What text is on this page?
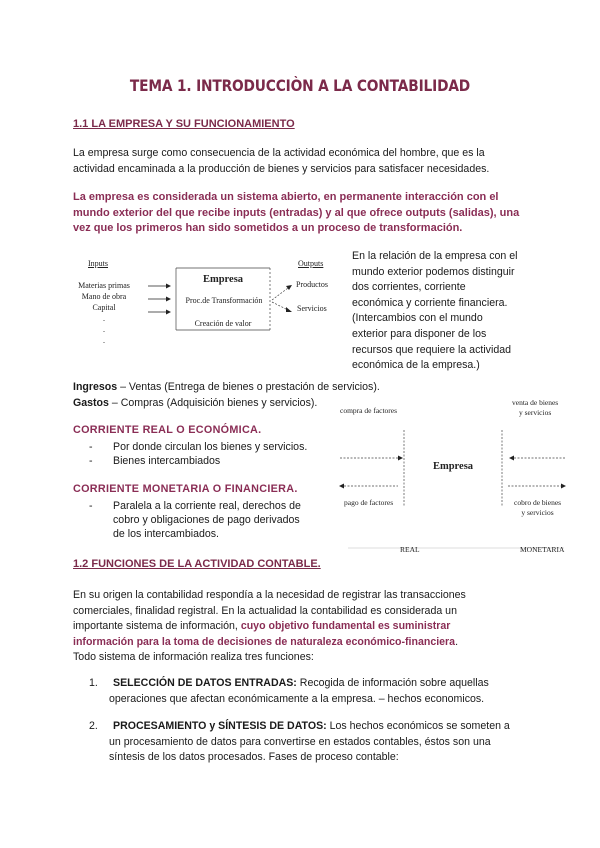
TEMA 1. INTRODUCCIÒN A LA CONTABILIDAD
1.1 LA EMPRESA Y SU FUNCIONAMIENTO
La empresa surge como consecuencia de la actividad económica del hombre, que es la
actividad encaminada a la producción de bienes y servicios para satisfacer necesidades.
La empresa es considerada un sistema abierto, en permanente interacción con el
mundo exterior del que recibe inputs (entradas) y al que ofrece outputs (salidas), una
vez que los primeros han sido sometidos a un proceso de transformación.
Inputs	Outputs
Materias primas
Mano de obra
Capital
.
.
.
Empresa
Proc.de Transformación
Creación de valor
Productos
Servicios
En la relación de la empresa con el
mundo exterior podemos distinguir
dos corrientes, corriente
económica y corriente financiera.
(Intercambios con el mundo
exterior para disponer de los
recursos que requiere la actividad
económica de la empresa.)
Ingresos – Ventas (Entrega de bienes o prestación de servicios).
Gastos – Compras (Adquisición bienes y servicios).
CORRIENTE REAL O ECONÓMICA.
- Por donde circulan los bienes y servicios.
- Bienes intercambiados
CORRIENTE MONETARIA O FINANCIERA.
- Paralela a la corriente real, derechos de
cobro y obligaciones de pago derivados
de los intercambiados.
compra de factores
venta de bienes
y servicios
Empresa
pago de factores	cobro de bienes
y servicios
REAL	MONETARIA
1.2 FUNCIONES DE LA ACTIVIDAD CONTABLE.
En su origen la contabilidad respondía a la necesidad de registrar las transacciones
comerciales, finalidad registral. En la actualidad la contabilidad es considerada un
importante sistema de información, cuyo objetivo fundamental es suministrar
información para la toma de decisiones de naturaleza económico-financiera.
Todo sistema de información realiza tres funciones:
1. SELECCIÓN DE DATOS ENTRADAS: Recogida de información sobre aquellas
operaciones que afectan económicamente a la empresa. – hechos economicos.
2. PROCESAMIENTO y SÍNTESIS DE DATOS: Los hechos económicos se someten a
un procesamiento de datos para convertirse en estados contables, éstos son una
síntesis de los datos procesados. Fases de proceso contable:
